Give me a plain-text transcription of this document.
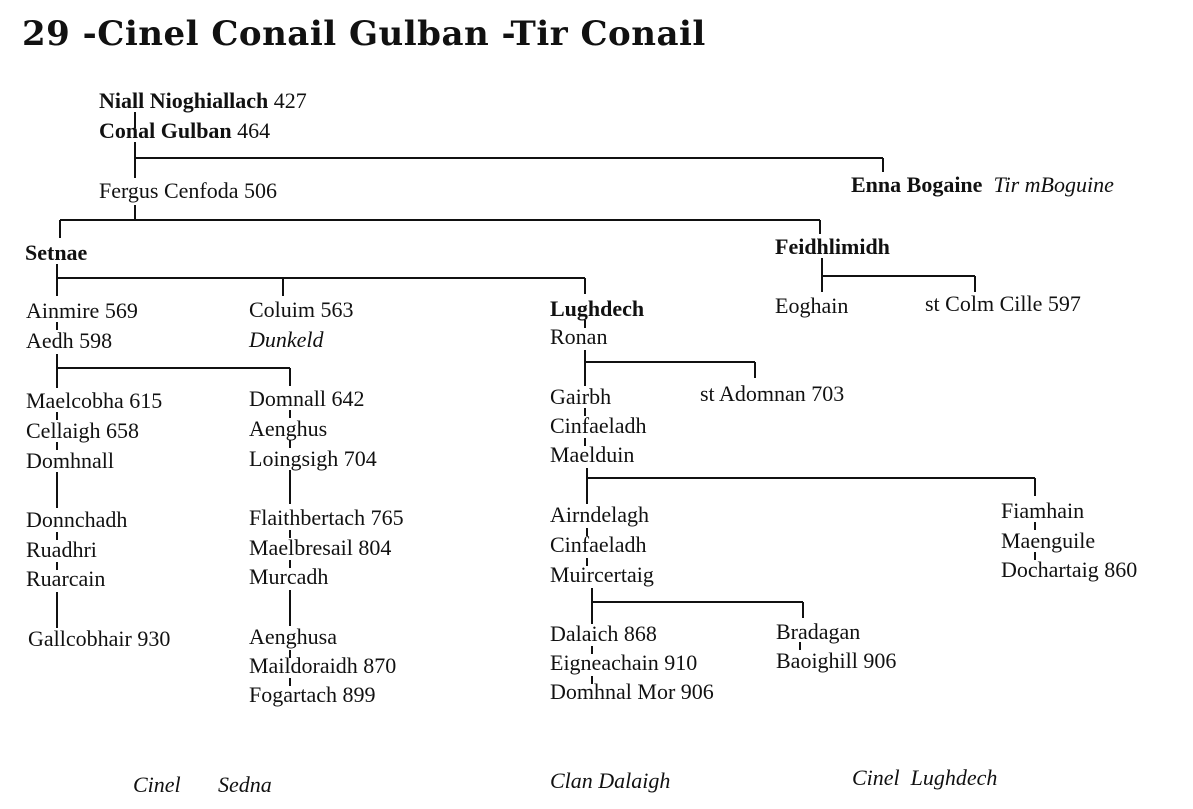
29 -Cinel Conail Gulban -Tir Conail
Niall Nioghiallach 427
Conal Gulban 464
Fergus Cenfoda 506	Enna Bogaine Tir mBoguine
Setnae	Feidhlimidh
Ainmire 569
Aedh 598
Coluim 563
Dunkeld
Lughdech
Ronan
Eoghain	st Colm Cille 597
Maelcobha 615
Cellaigh 658
Domhnall
Domnall 642
Aenghus
Loingsigh 704
Gairbh
Cinfaeladh
Maelduin
st Adomnan 703
Donnchadh
Ruadhri
Ruarcain
Flaithbertach 765
Maelbresail 804
Murcadh
Airndelagh
Cinfaeladh
Muircertaig
Fiamhain
Maenguile
Dochartaig 860
Gallcobhair 930	Aenghusa
Maildoraidh 870
Fogartach 899
Dalaich 868
Eigneachain 910
Domhnal Mor 906
Bradagan
Baoighill 906
Cinel Sedna	Clan Dalaigh	Cinel  Lughdech
